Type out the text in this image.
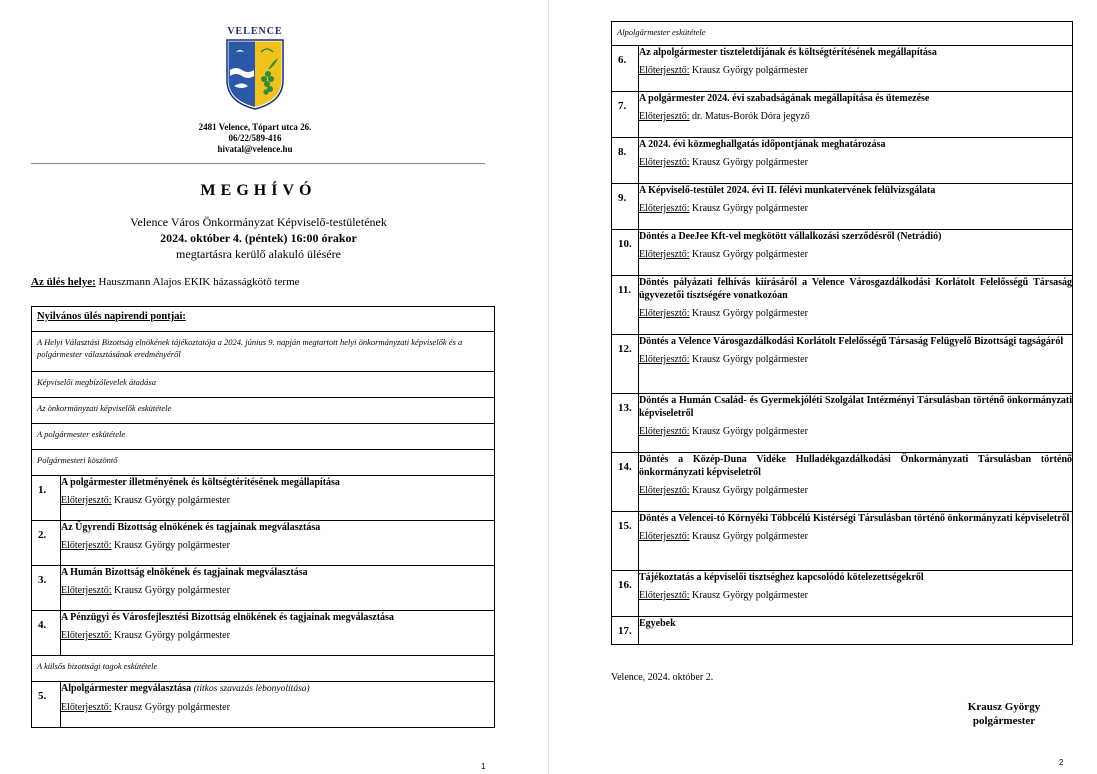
VELENCE
2481 Velence, Tópart utca 26.
06/22/589-416
hivatal@velence.hu
MEGHÍVÓ
Velence Város Önkormányzat Képviselő-testületének
2024. október 4. (péntek) 16:00 órakor
megtartásra kerülő alakuló ülésére
Az ülés helye: Hauszmann Alajos EKIK házasságkötő terme
Nyilvános ülés napirendi pontjai:	
A Helyi Választási Bizottság elnökének tájékoztatója a 2024. június 9. napján megtartott helyi önkormányzati képviselők és a polgármester választásának eredményéről	
Képviselői megbízólevelek átadása	
Az önkormányzati képviselők eskütétele	
A polgármester eskütétele	
Polgármesteri köszöntő	
1.	A polgármester illetményének és költségtérítésének megállapítása
Előterjesztő: Krausz György polgármester

2.	Az Ügyrendi Bizottság elnökének és tagjainak megválasztása
Előterjesztő: Krausz György polgármester

3.	A Humán Bizottság elnökének és tagjainak megválasztása
Előterjesztő: Krausz György polgármester

4.	A Pénzügyi és Városfejlesztési Bizottság elnökének és tagjainak megválasztása
Előterjesztő: Krausz György polgármester

A külsős bizottsági tagok eskütétele	
5.	Alpolgármester megválasztása (titkos szavazás lebonyolítása)
Előterjesztő: Krausz György polgármester
1
Alpolgármester eskütétele	
6.	Az alpolgármester tiszteletdíjának és költségtérítésének megállapítása
Előterjesztő: Krausz György polgármester

7.	A polgármester 2024. évi szabadságának megállapítása és ütemezése
Előterjesztő: dr. Matus-Borók Dóra jegyző

8.	A 2024. évi közmeghallgatás időpontjának meghatározása
Előterjesztő: Krausz György polgármester

9.	A Képviselő-testület 2024. évi II. félévi munkatervének felülvizsgálata
Előterjesztő: Krausz György polgármester

10.	Döntés a DeeJee Kft-vel megkötött vállalkozási szerződésről (Netrádió)
Előterjesztő: Krausz György polgármester

11.	Döntés pályázati felhívás kiírásáról a Velence Városgazdálkodási Korlátolt Felelősségű Társaság ügyvezetői tisztségére vonatkozóan
Előterjesztő: Krausz György polgármester

12.	Döntés a Velence Városgazdálkodási Korlátolt Felelősségű Társaság Felügyelő Bizottsági tagságáról
Előterjesztő: Krausz György polgármester

13.	Döntés a Humán Család- és Gyermekjóléti Szolgálat Intézményi Társulásban történő önkormányzati képviseletről
Előterjesztő: Krausz György polgármester

14.	Döntés a Közép-Duna Vidéke Hulladékgazdálkodási Önkormányzati Társulásban történő önkormányzati képviseletről
Előterjesztő: Krausz György polgármester

15.	Döntés a Velencei-tó Környéki Többcélú Kistérségi Társulásban történő önkormányzati képviseletről
Előterjesztő: Krausz György polgármester

16.	Tájékoztatás a képviselői tisztséghez kapcsolódó kötelezettségekről
Előterjesztő: Krausz György polgármester

17.	Egyebek
Velence, 2024. október 2.
Krausz György
polgármester
2
